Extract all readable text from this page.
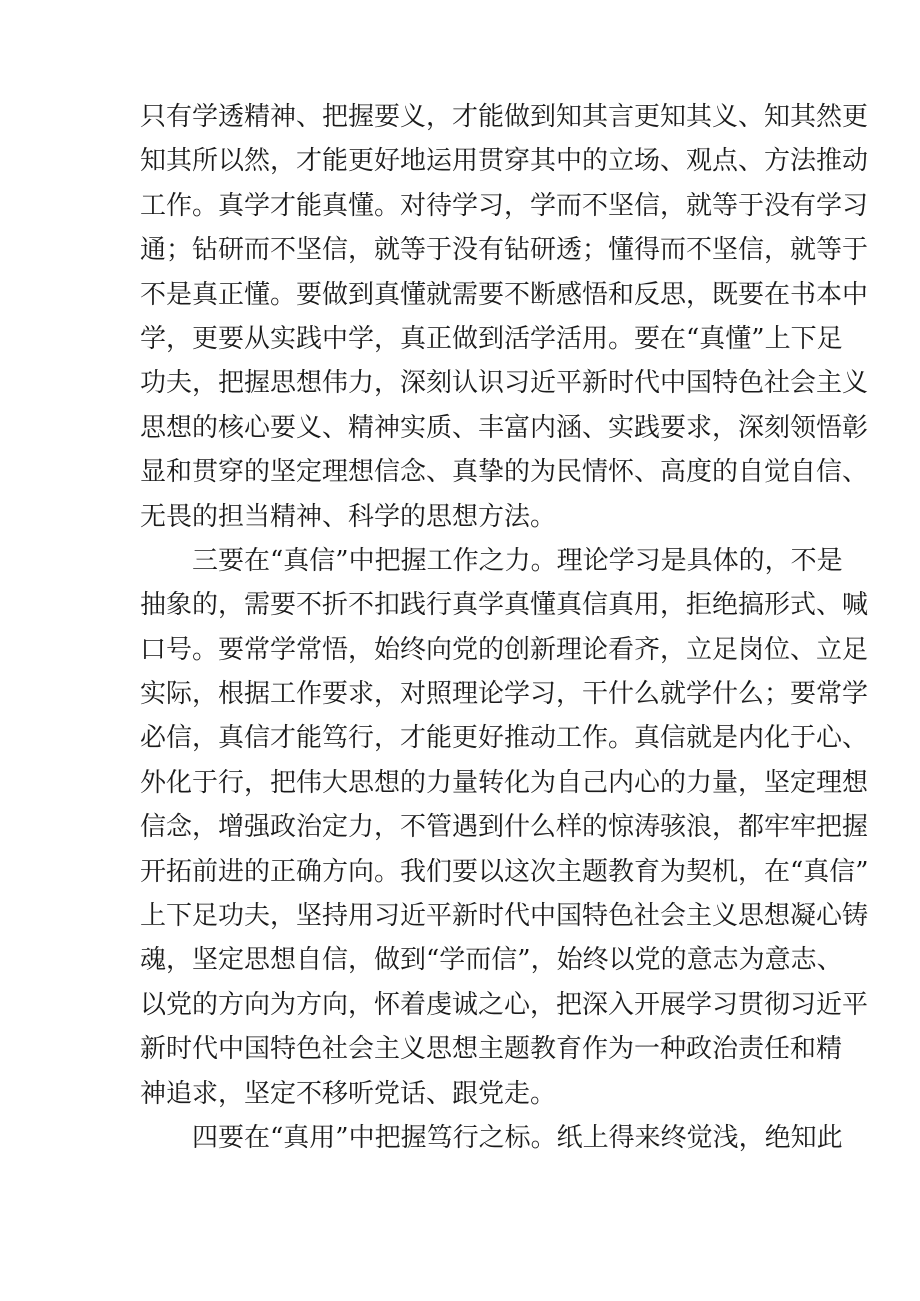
只有学透精神、把握要义，才能做到知其言更知其义、知其然更
知其所以然，才能更好地运用贯穿其中的立场、观点、方法推动
工作。真学才能真懂。对待学习，学而不坚信，就等于没有学习
通；钻研而不坚信，就等于没有钻研透；懂得而不坚信，就等于
不是真正懂。要做到真懂就需要不断感悟和反思，既要在书本中
学，更要从实践中学，真正做到活学活用。要在“真懂”上下足
功夫，把握思想伟力，深刻认识习近平新时代中国特色社会主义
思想的核心要义、精神实质、丰富内涵、实践要求，深刻领悟彰
显和贯穿的坚定理想信念、真挚的为民情怀、高度的自觉自信、
无畏的担当精神、科学的思想方法。
三要在“真信”中把握工作之力。理论学习是具体的，不是
抽象的，需要不折不扣践行真学真懂真信真用，拒绝搞形式、喊
口号。要常学常悟，始终向党的创新理论看齐，立足岗位、立足
实际，根据工作要求，对照理论学习，干什么就学什么；要常学
必信，真信才能笃行，才能更好推动工作。真信就是内化于心、
外化于行，把伟大思想的力量转化为自己内心的力量，坚定理想
信念，增强政治定力，不管遇到什么样的惊涛骇浪，都牢牢把握
开拓前进的正确方向。我们要以这次主题教育为契机，在“真信”
上下足功夫，坚持用习近平新时代中国特色社会主义思想凝心铸
魂，坚定思想自信，做到“学而信”，始终以党的意志为意志、
以党的方向为方向，怀着虔诚之心，把深入开展学习贯彻习近平
新时代中国特色社会主义思想主题教育作为一种政治责任和精
神追求，坚定不移听党话、跟党走。
四要在“真用”中把握笃行之标。纸上得来终觉浅，绝知此
